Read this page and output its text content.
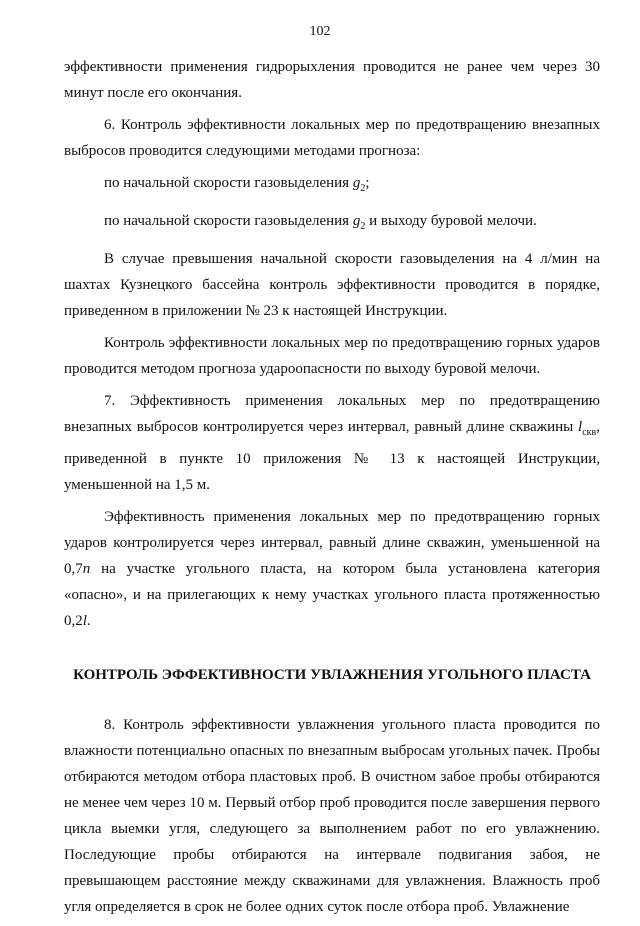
102

эффективности применения гидрорыхления проводится не ранее чем через 30 минут после его окончания.

6. Контроль эффективности локальных мер по предотвращению внезапных выбросов проводится следующими методами прогноза:

по начальной скорости газовыделения $g_2$;

по начальной скорости газовыделения $g_2$ и выходу буровой мелочи.

В случае превышения начальной скорости газовыделения на 4 л/мин на шахтах Кузнецкого бассейна контроль эффективности проводится в порядке, приведенном в приложении № 23 к настоящей Инструкции.

Контроль эффективности локальных мер по предотвращению горных ударов проводится методом прогноза удароопасности по выходу буровой мелочи.

7. Эффективность применения локальных мер по предотвращению внезапных выбросов контролируется через интервал, равный длине скважины $l_{скв}$, приведенной в пункте 10 приложения № 13 к настоящей Инструкции, уменьшенной на 1,5 м.

Эффективность применения локальных мер по предотвращению горных ударов контролируется через интервал, равный длине скважин, уменьшенной на 0,7n на участке угольного пласта, на котором была установлена категория «опасно», и на прилегающих к нему участках угольного пласта протяженностью 0,2l.

КОНТРОЛЬ ЭФФЕКТИВНОСТИ УВЛАЖНЕНИЯ УГОЛЬНОГО ПЛАСТА

8. Контроль эффективности увлажнения угольного пласта проводится по влажности потенциально опасных по внезапным выбросам угольных пачек. Пробы отбираются методом отбора пластовых проб. В очистном забое пробы отбираются не менее чем через 10 м. Первый отбор проб проводится после завершения первого цикла выемки угля, следующего за выполнением работ по его увлажнению. Последующие пробы отбираются на интервале подвигания забоя, не превышающем расстояние между скважинами для увлажнения. Влажность проб угля определяется в срок не более одних суток после отбора проб. Увлажнение
